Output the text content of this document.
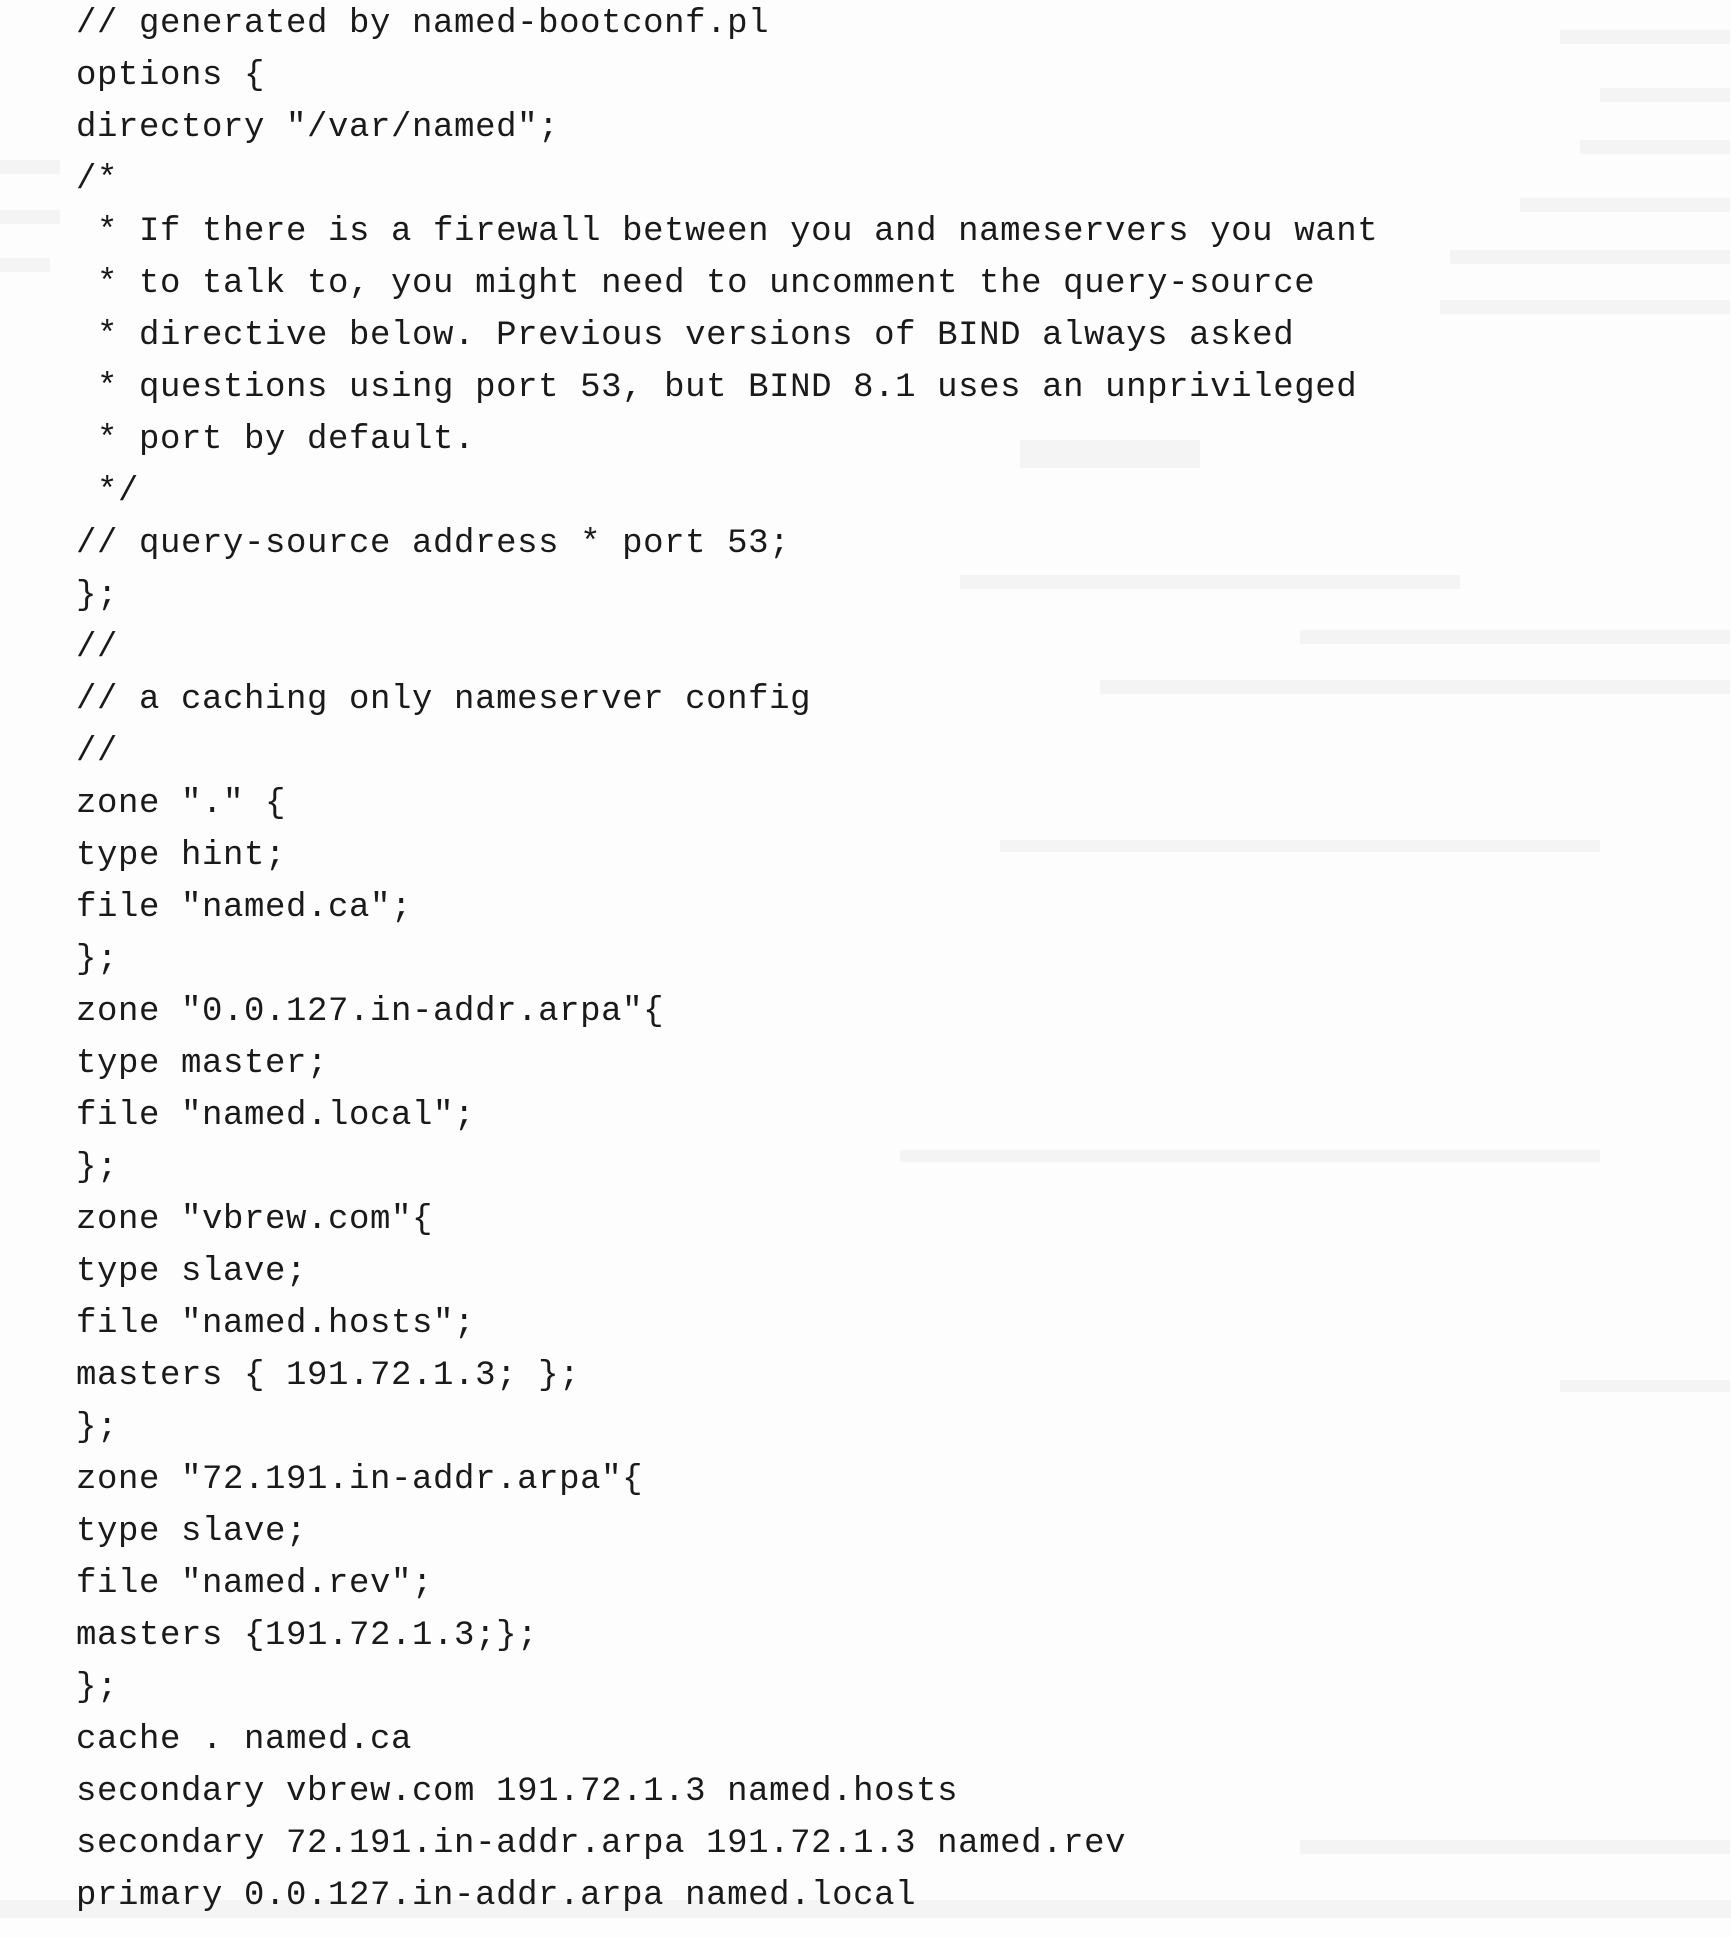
// generated by named-bootconf.pl
options {
directory "/var/named";
/*
* If there is a firewall between you and nameservers you want
* to talk to, you might need to uncomment the query-source
* directive below. Previous versions of BIND always asked
* questions using port 53, but BIND 8.1 uses an unprivileged
* port by default.
*/
// query-source address * port 53;
};
//
// a caching only nameserver config
//
zone "." {
type hint;
file "named.ca";
};
zone "0.0.127.in-addr.arpa"{
type master;
file "named.local";
};
zone "vbrew.com"{
type slave;
file "named.hosts";
masters { 191.72.1.3; };
};
zone "72.191.in-addr.arpa"{
type slave;
file "named.rev";
masters {191.72.1.3;};
};
cache . named.ca
secondary vbrew.com 191.72.1.3 named.hosts
secondary 72.191.in-addr.arpa 191.72.1.3 named.rev
primary 0.0.127.in-addr.arpa named.local
